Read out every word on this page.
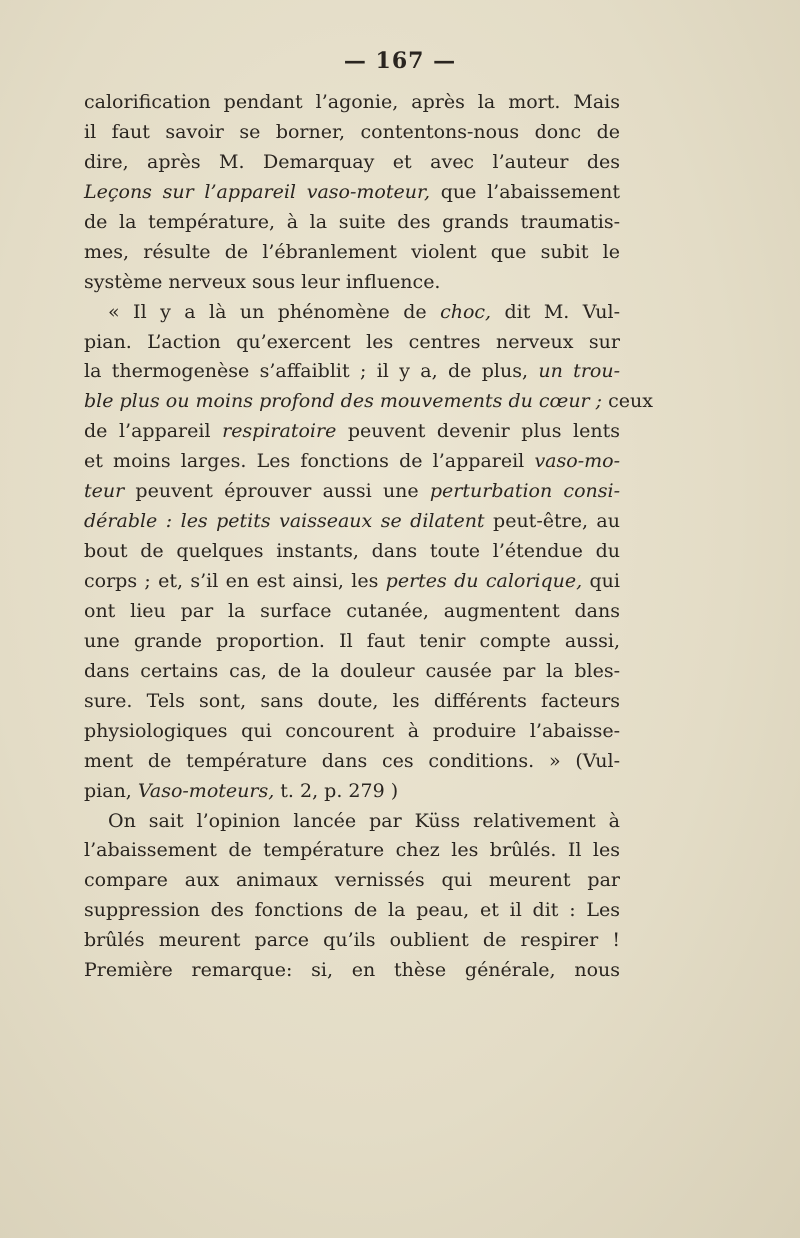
— 167 —
calorification pendant l’agonie, après la mort. Mais
il faut savoir se borner, contentons-nous donc de
dire, après M. Demarquay et avec l’auteur des
Leçons sur l’appareil vaso-moteur, que l’abaissement
de la température, à la suite des grands traumatis-
mes, résulte de l’ébranlement violent que subit le
système nerveux sous leur influence.
« Il y a là un phénomène de choc, dit M. Vul-
pian. L’action qu’exercent les centres nerveux sur
la thermogenèse s’affaiblit ; il y a, de plus, un trou-
ble plus ou moins profond des mouvements du cœur ; ceux
de l’appareil respiratoire peuvent devenir plus lents
et moins larges. Les fonctions de l’appareil vaso-mo-
teur peuvent éprouver aussi une perturbation consi-
dérable : les petits vaisseaux se dilatent peut-être, au
bout de quelques instants, dans toute l’étendue du
corps ; et, s’il en est ainsi, les pertes du calorique, qui
ont lieu par la surface cutanée, augmentent dans
une grande proportion. Il faut tenir compte aussi,
dans certains cas, de la douleur causée par la bles-
sure. Tels sont, sans doute, les différents facteurs
physiologiques qui concourent à produire l’abaisse-
ment de température dans ces conditions. » (Vul-
pian, Vaso-moteurs, t. 2, p. 279 )
On sait l’opinion lancée par Küss relativement à
l’abaissement de température chez les brûlés. Il les
compare aux animaux vernissés qui meurent par
suppression des fonctions de la peau, et il dit : Les
brûlés meurent parce qu’ils oublient de respirer !
Première remarque: si, en thèse générale, nous
